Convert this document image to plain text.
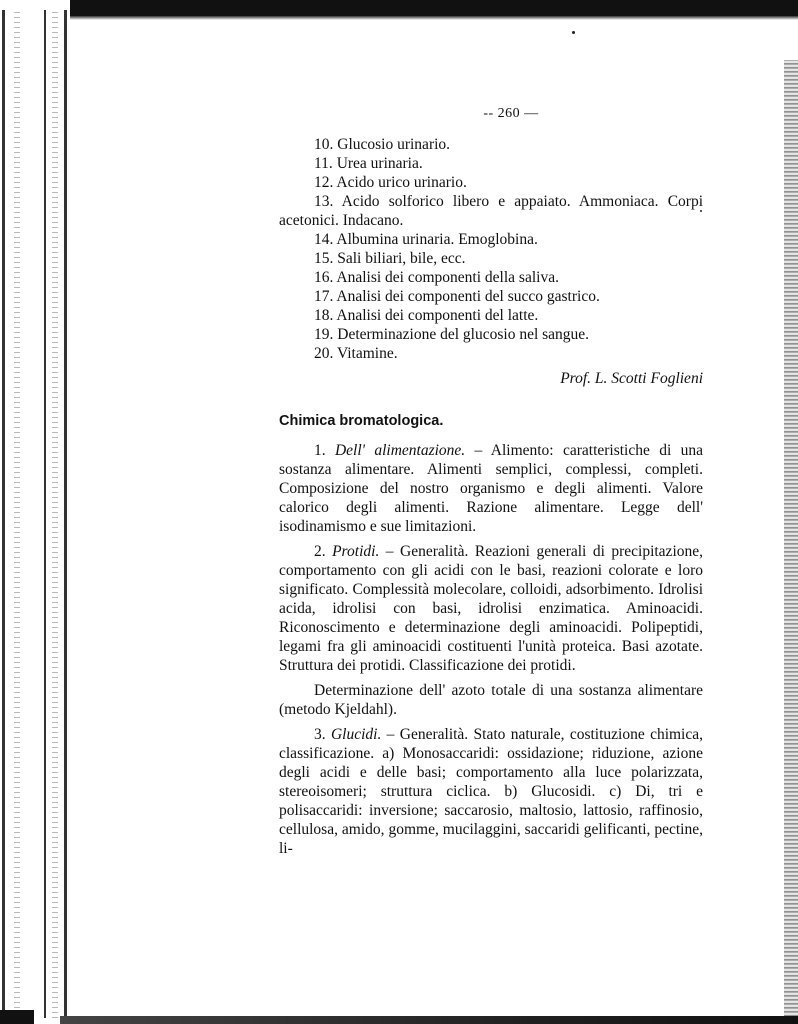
-- 260 —
10. Glucosio urinario.
11. Urea urinaria.
12. Acido urico urinario.
13. Acido solforico libero e appaiato. Ammoniaca. Corpi acetonici. Indacano.
14. Albumina urinaria. Emoglobina.
15. Sali biliari, bile, ecc.
16. Analisi dei componenti della saliva.
17. Analisi dei componenti del succo gastrico.
18. Analisi dei componenti del latte.
19. Determinazione del glucosio nel sangue.
20. Vitamine.
Prof. L. Scotti Foglieni
Chimica bromatologica.

1. Dell' alimentazione. – Alimento: caratteristiche di una sostanza alimentare. Alimenti semplici, complessi, completi. Composizione del nostro organismo e degli alimenti. Valore calorico degli alimenti. Razione alimentare. Legge dell' isodinamismo e sue limitazioni.

2. Protidi. – Generalità. Reazioni generali di precipitazione, comportamento con gli acidi con le basi, reazioni colorate e loro significato. Complessità molecolare, colloidi, adsorbimento. Idrolisi acida, idrolisi con basi, idrolisi enzimatica. Aminoacidi. Riconoscimento e determinazione degli aminoacidi. Polipeptidi, legami fra gli aminoacidi costituenti l'unità proteica. Basi azotate. Struttura dei protidi. Classificazione dei protidi.

Determinazione dell' azoto totale di una sostanza alimentare (metodo Kjeldahl).

3. Glucidi. – Generalità. Stato naturale, costituzione chimica, classificazione. a) Monosaccaridi: ossidazione; riduzione, azione degli acidi e delle basi; comportamento alla luce polarizzata, stereoisomeri; struttura ciclica. b) Glucosidi. c) Di, tri e polisaccaridi: inversione; saccarosio, maltosio, lattosio, raffinosio, cellulosa, amido, gomme, mucilaggini, saccaridi gelificanti, pectine, li-
